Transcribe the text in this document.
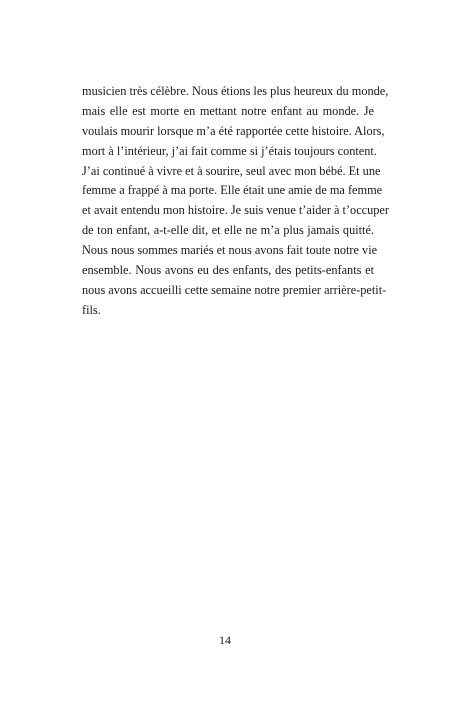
musicien très célèbre. Nous étions les plus heureux du monde,
mais elle est morte en mettant notre enfant au monde. Je
voulais mourir lorsque m’a été rapportée cette histoire. Alors,
mort à l’intérieur, j’ai fait comme si j’étais toujours content.
J’ai continué à vivre et à sourire, seul avec mon bébé. Et une
femme a frappé à ma porte. Elle était une amie de ma femme
et avait entendu mon histoire. Je suis venue t’aider à t’occuper
de ton enfant, a-t-elle dit, et elle ne m’a plus jamais quitté.
Nous nous sommes mariés et nous avons fait toute notre vie
ensemble. Nous avons eu des enfants, des petits-enfants et
nous avons accueilli cette semaine notre premier arrière-petit-
fils.
14
